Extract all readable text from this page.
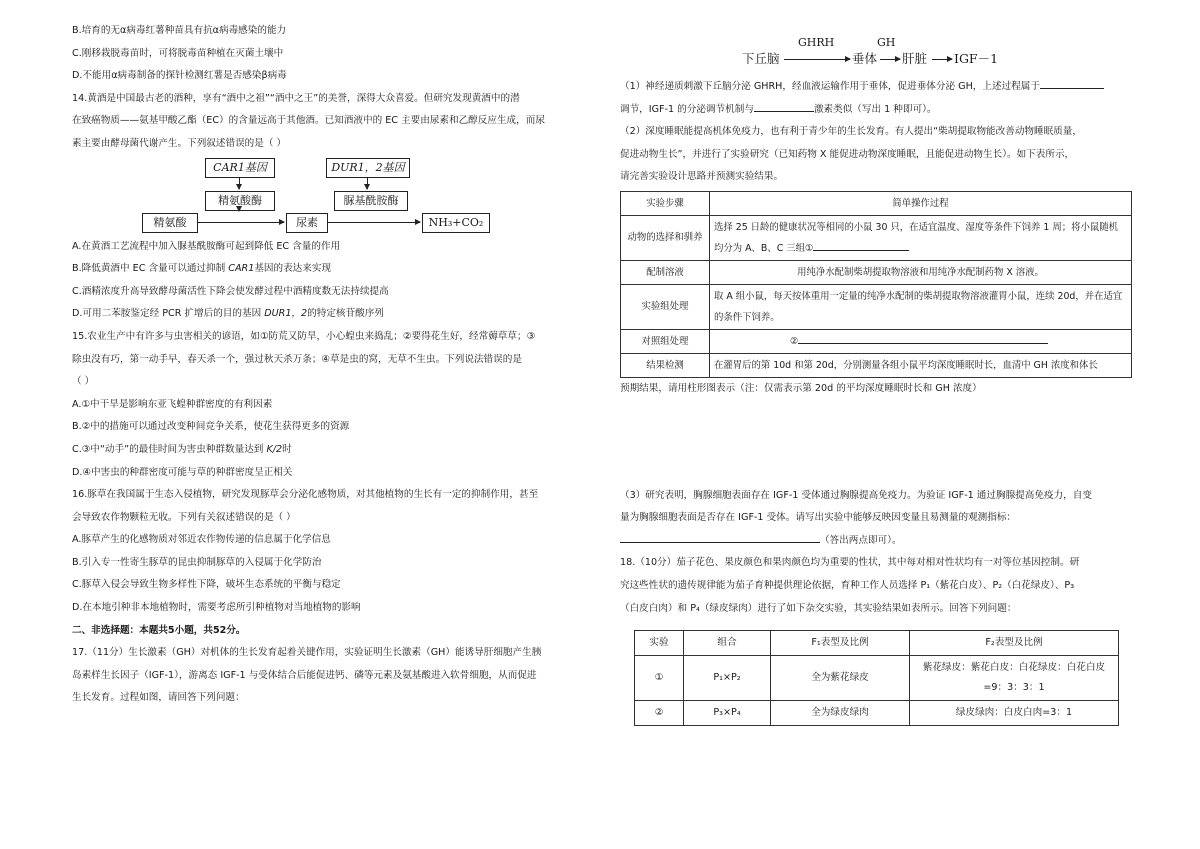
B.培育的无α病毒红薯种苗具有抗α病毒感染的能力

C.刚移栽脱毒苗时，可将脱毒苗种植在灭菌土壤中

D.不能用α病毒制备的探针检测红薯是否感染β病毒

14.黄酒是中国最古老的酒种，享有“酒中之祖”“酒中之王”的美誉，深得大众喜爱。但研究发现黄酒中的潜

在致癌物质——氨基甲酸乙酯（EC）的含量远高于其他酒。已知酒液中的 EC 主要由尿素和乙醇反应生成，而尿

素主要由酵母菌代谢产生。下列叙述错误的是（ ）

CAR1基因	DUR1，2基因
精氨酸酶	脲基酰胺酶
精氨酸	尿素	NH₃+CO₂

A.在黄酒工艺流程中加入脲基酰胺酶可起到降低 EC 含量的作用

B.降低黄酒中 EC 含量可以通过抑制 CAR1基因的表达来实现

C.酒精浓度升高导致酵母菌活性下降会使发酵过程中酒精度数无法持续提高

D.可用二苯胺鉴定经 PCR 扩增后的目的基因 DUR1，2的特定核苷酸序列

15.农业生产中有许多与虫害相关的谚语，如①防荒又防旱，小心蝗虫来捣乱；②要得花生好，经常薅草草；③

除虫没有巧，第一动手早，春天杀一个，强过秋天杀万条；④草是虫的窝，无草不生虫。下列说法错误的是

（ ）

A.①中干旱是影响东亚飞蝗种群密度的有利因素

B.②中的措施可以通过改变种间竞争关系，使花生获得更多的资源

C.③中“动手”的最佳时间为害虫种群数量达到 K/2时

D.④中害虫的种群密度可能与草的种群密度呈正相关

16.豚草在我国属于生态入侵植物，研究发现豚草会分泌化感物质，对其他植物的生长有一定的抑制作用，甚至

会导致农作物颗粒无收。下列有关叙述错误的是（ ）

A.豚草产生的化感物质对邻近农作物传递的信息属于化学信息

B.引入专一性寄生豚草的昆虫抑制豚草的入侵属于化学防治

C.豚草入侵会导致生物多样性下降，破坏生态系统的平衡与稳定

D.在本地引种非本地植物时，需要考虑所引种植物对当地植物的影响

二、非选择题：本题共5小题，共52分。

17.（11分）生长激素（GH）对机体的生长发育起着关键作用，实验证明生长激素（GH）能诱导肝细胞产生胰

岛素样生长因子（IGF-1），游离态 IGF-1 与受体结合后能促进钙、磷等元素及氨基酸进入软骨细胞，从而促进

生长发育。过程如图，请回答下列问题：

下丘脑
GHRH
垂体
GH
肝脏 IGF－1

（1）神经递质刺激下丘脑分泌 GHRH，经血液运输作用于垂体，促进垂体分泌 GH，上述过程属于

调节，IGF-1 的分泌调节机制与	激素类似（写出 1 种即可）。

（2）深度睡眠能提高机体免疫力，也有利于青少年的生长发育。有人提出“柴胡提取物能改善动物睡眠质量，

促进动物生长”，并进行了实验研究（已知药物 X 能促进动物深度睡眠，且能促进动物生长）。如下表所示，

请完善实验设计思路并预测实验结果。

实验步骤	简单操作过程
动物的选择和驯养	选择 25 日龄的健康状况等相同的小鼠 30 只，在适宜温度、湿度等条件下饲养 1 周；将小鼠随机均分为 A、B、C 三组①
配制溶液	用纯净水配制柴胡提取物溶液和用纯净水配制药物 X 溶液。
实验组处理	取 A 组小鼠，每天按体重用一定量的纯净水配制的柴胡提取物溶液灌胃小鼠，连续 20d，并在适宜的条件下饲养。
对照组处理	②
结果检测	在灌胃后的第 10d 和第 20d，分别测量各组小鼠平均深度睡眠时长，血清中 GH 浓度和体长

预期结果，请用柱形图表示（注：仅需表示第 20d 的平均深度睡眠时长和 GH 浓度）

（3）研究表明，胸腺细胞表面存在 IGF-1 受体通过胸腺提高免疫力。为验证 IGF-1 通过胸腺提高免疫力，自变

量为胸腺细胞表面是否存在 IGF-1 受体。请写出实验中能够反映因变量且易测量的观测指标：

（答出两点即可）。

18.（10分）茄子花色、果皮颜色和果肉颜色均为重要的性状，其中每对相对性状均有一对等位基因控制。研

究这些性状的遗传规律能为茄子育种提供理论依据，育种工作人员选择 P₁（紫花白皮）、P₂（白花绿皮）、P₃

（白皮白肉）和 P₄（绿皮绿肉）进行了如下杂交实验，其实验结果如表所示。回答下列问题：

实验	组合	F₁表型及比例	F₂表型及比例
①	P₁×P₂	全为紫花绿皮	紫花绿皮：紫花白皮：白花绿皮：白花白皮=9：3：3：1
②	P₃×P₄	全为绿皮绿肉	绿皮绿肉：白皮白肉=3：1
